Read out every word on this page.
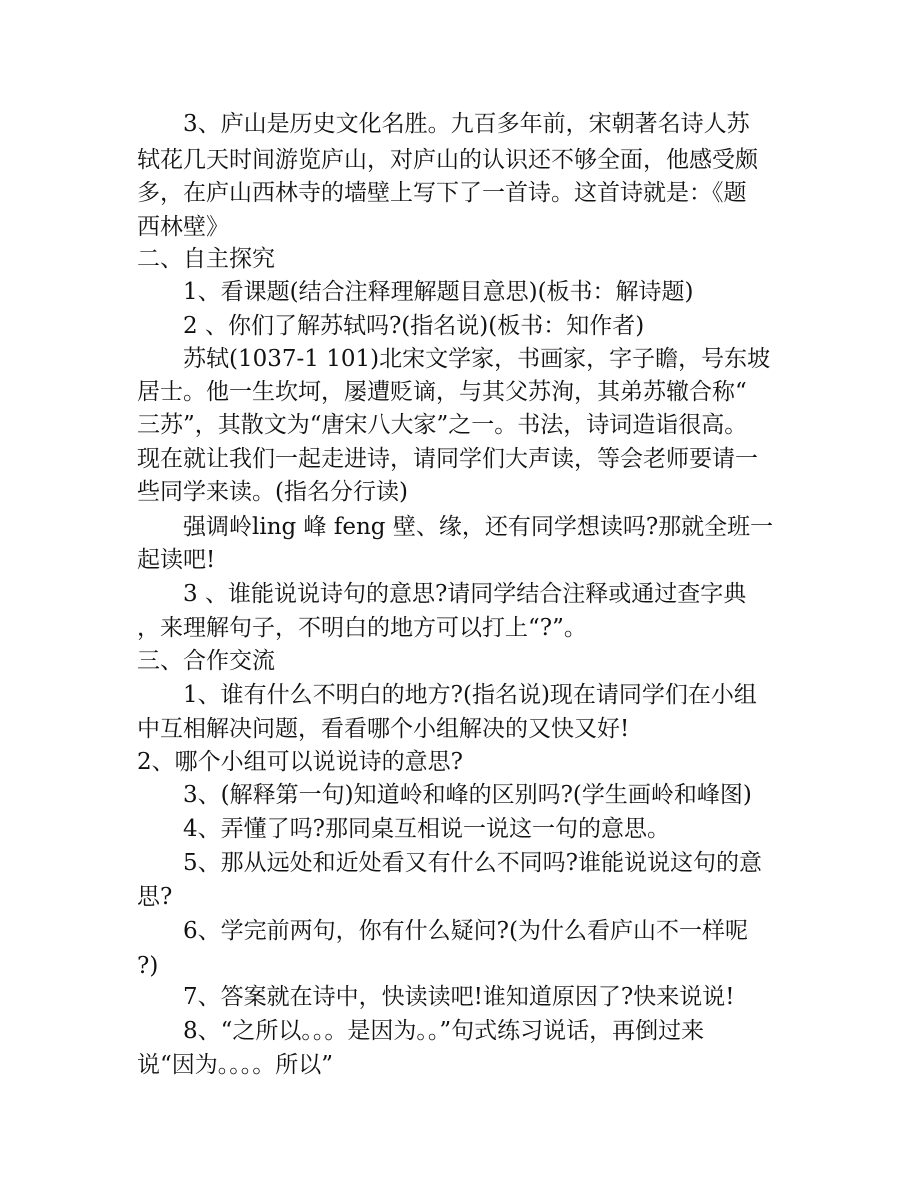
3、庐山是历史文化名胜。九百多年前，宋朝著名诗人苏
轼花几天时间游览庐山，对庐山的认识还不够全面，他感受颇
多，在庐山西林寺的墙壁上写下了一首诗。这首诗就是：《题
西林壁》
二、自主探究
1、看课题(结合注释理解题目意思)(板书：解诗题)
2 、你们了解苏轼吗?(指名说)(板书：知作者)
苏轼(1037-1 101)北宋文学家，书画家，字子瞻，号东坡
居士。他一生坎坷，屡遭贬谪，与其父苏洵，其弟苏辙合称“
三苏”，其散文为“唐宋八大家”之一。书法，诗词造诣很高。
现在就让我们一起走进诗，请同学们大声读，等会老师要请一
些同学来读。(指名分行读)
强调岭ling 峰 feng 壁、缘，还有同学想读吗?那就全班一
起读吧!
3 、谁能说说诗句的意思?请同学结合注释或通过查字典
，来理解句子，不明白的地方可以打上“?”。
三、合作交流
1、谁有什么不明白的地方?(指名说)现在请同学们在小组
中互相解决问题，看看哪个小组解决的又快又好!
2、哪个小组可以说说诗的意思?
3、(解释第一句)知道岭和峰的区别吗?(学生画岭和峰图)
4、弄懂了吗?那同桌互相说一说这一句的意思。
5、那从远处和近处看又有什么不同吗?谁能说说这句的意
思?
6、学完前两句，你有什么疑问?(为什么看庐山不一样呢
?)
7、答案就在诗中，快读读吧!谁知道原因了?快来说说!
8、“之所以。。。是因为。。”句式练习说话，再倒过来
说“因为。。。。所以”
